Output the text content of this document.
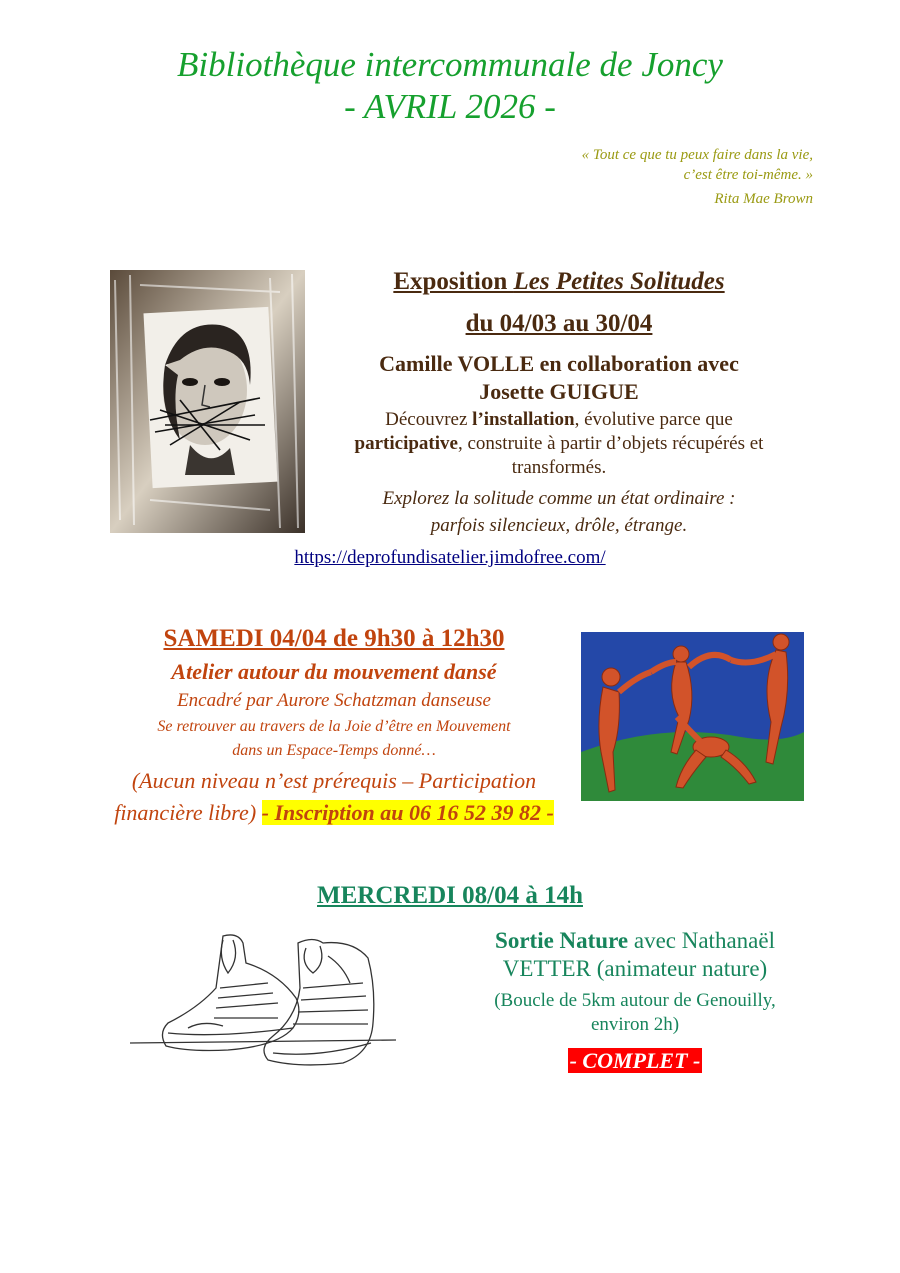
Bibliothèque intercommunale de Joncy
- AVRIL 2026 -
« Tout ce que tu peux faire dans la vie,
c’est être toi-même. »
Rita Mae Brown
Exposition Les Petites Solitudes
du 04/03 au 30/04
Camille VOLLE en collaboration avec
Josette GUIGUE
Découvrez l’installation, évolutive parce que
participative, construite à partir d’objets récupérés et transformés.
Explorez la solitude comme un état ordinaire :
parfois silencieux, drôle, étrange.
https://deprofundisatelier.jimdofree.com/
SAMEDI 04/04 de 9h30 à 12h30
Atelier autour du mouvement dansé
Encadré par Aurore Schatzman danseuse
Se retrouver au travers de la Joie d’être en Mouvement
dans un Espace-Temps donné…
(Aucun niveau n’est prérequis – Participation
financière libre) - Inscription au 06 16 52 39 82 -
MERCREDI 08/04 à 14h
Sortie Nature avec Nathanaël
VETTER (animateur nature)
(Boucle de 5km autour de Genouilly,
environ 2h)
- COMPLET -
